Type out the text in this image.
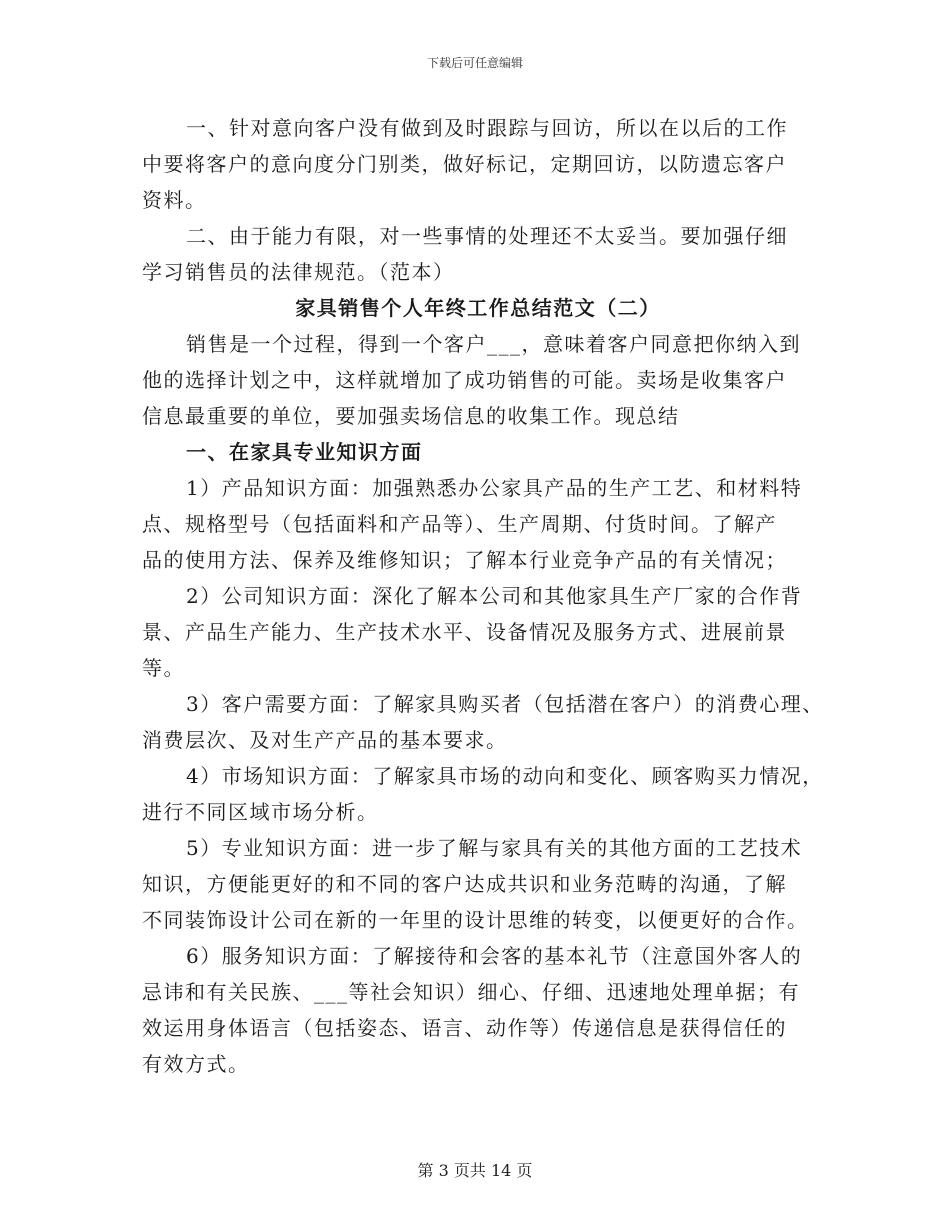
下载后可任意编辑
一、针对意向客户没有做到及时跟踪与回访，所以在以后的工作
中要将客户的意向度分门别类，做好标记，定期回访，以防遗忘客户
资料。
二、由于能力有限，对一些事情的处理还不太妥当。要加强仔细
学习销售员的法律规范。（范本）
家具销售个人年终工作总结范文（二）
销售是一个过程，得到一个客户___，意味着客户同意把你纳入到
他的选择计划之中，这样就增加了成功销售的可能。卖场是收集客户
信息最重要的单位，要加强卖场信息的收集工作。现总结
一、在家具专业知识方面
1）产品知识方面：加强熟悉办公家具产品的生产工艺、和材料特
点、规格型号（包括面料和产品等）、生产周期、付货时间。了解产
品的使用方法、保养及维修知识；了解本行业竞争产品的有关情况；
2）公司知识方面：深化了解本公司和其他家具生产厂家的合作背
景、产品生产能力、生产技术水平、设备情况及服务方式、进展前景
等。
3）客户需要方面：了解家具购买者（包括潜在客户）的消费心理、
消费层次、及对生产产品的基本要求。
4）市场知识方面：了解家具市场的动向和变化、顾客购买力情况，
进行不同区域市场分析。
5）专业知识方面：进一步了解与家具有关的其他方面的工艺技术
知识，方便能更好的和不同的客户达成共识和业务范畴的沟通，了解
不同装饰设计公司在新的一年里的设计思维的转变，以便更好的合作。
6）服务知识方面：了解接待和会客的基本礼节（注意国外客人的
忌讳和有关民族、___等社会知识）细心、仔细、迅速地处理单据；有
效运用身体语言（包括姿态、语言、动作等）传递信息是获得信任的
有效方式。
第 3 页共 14 页
